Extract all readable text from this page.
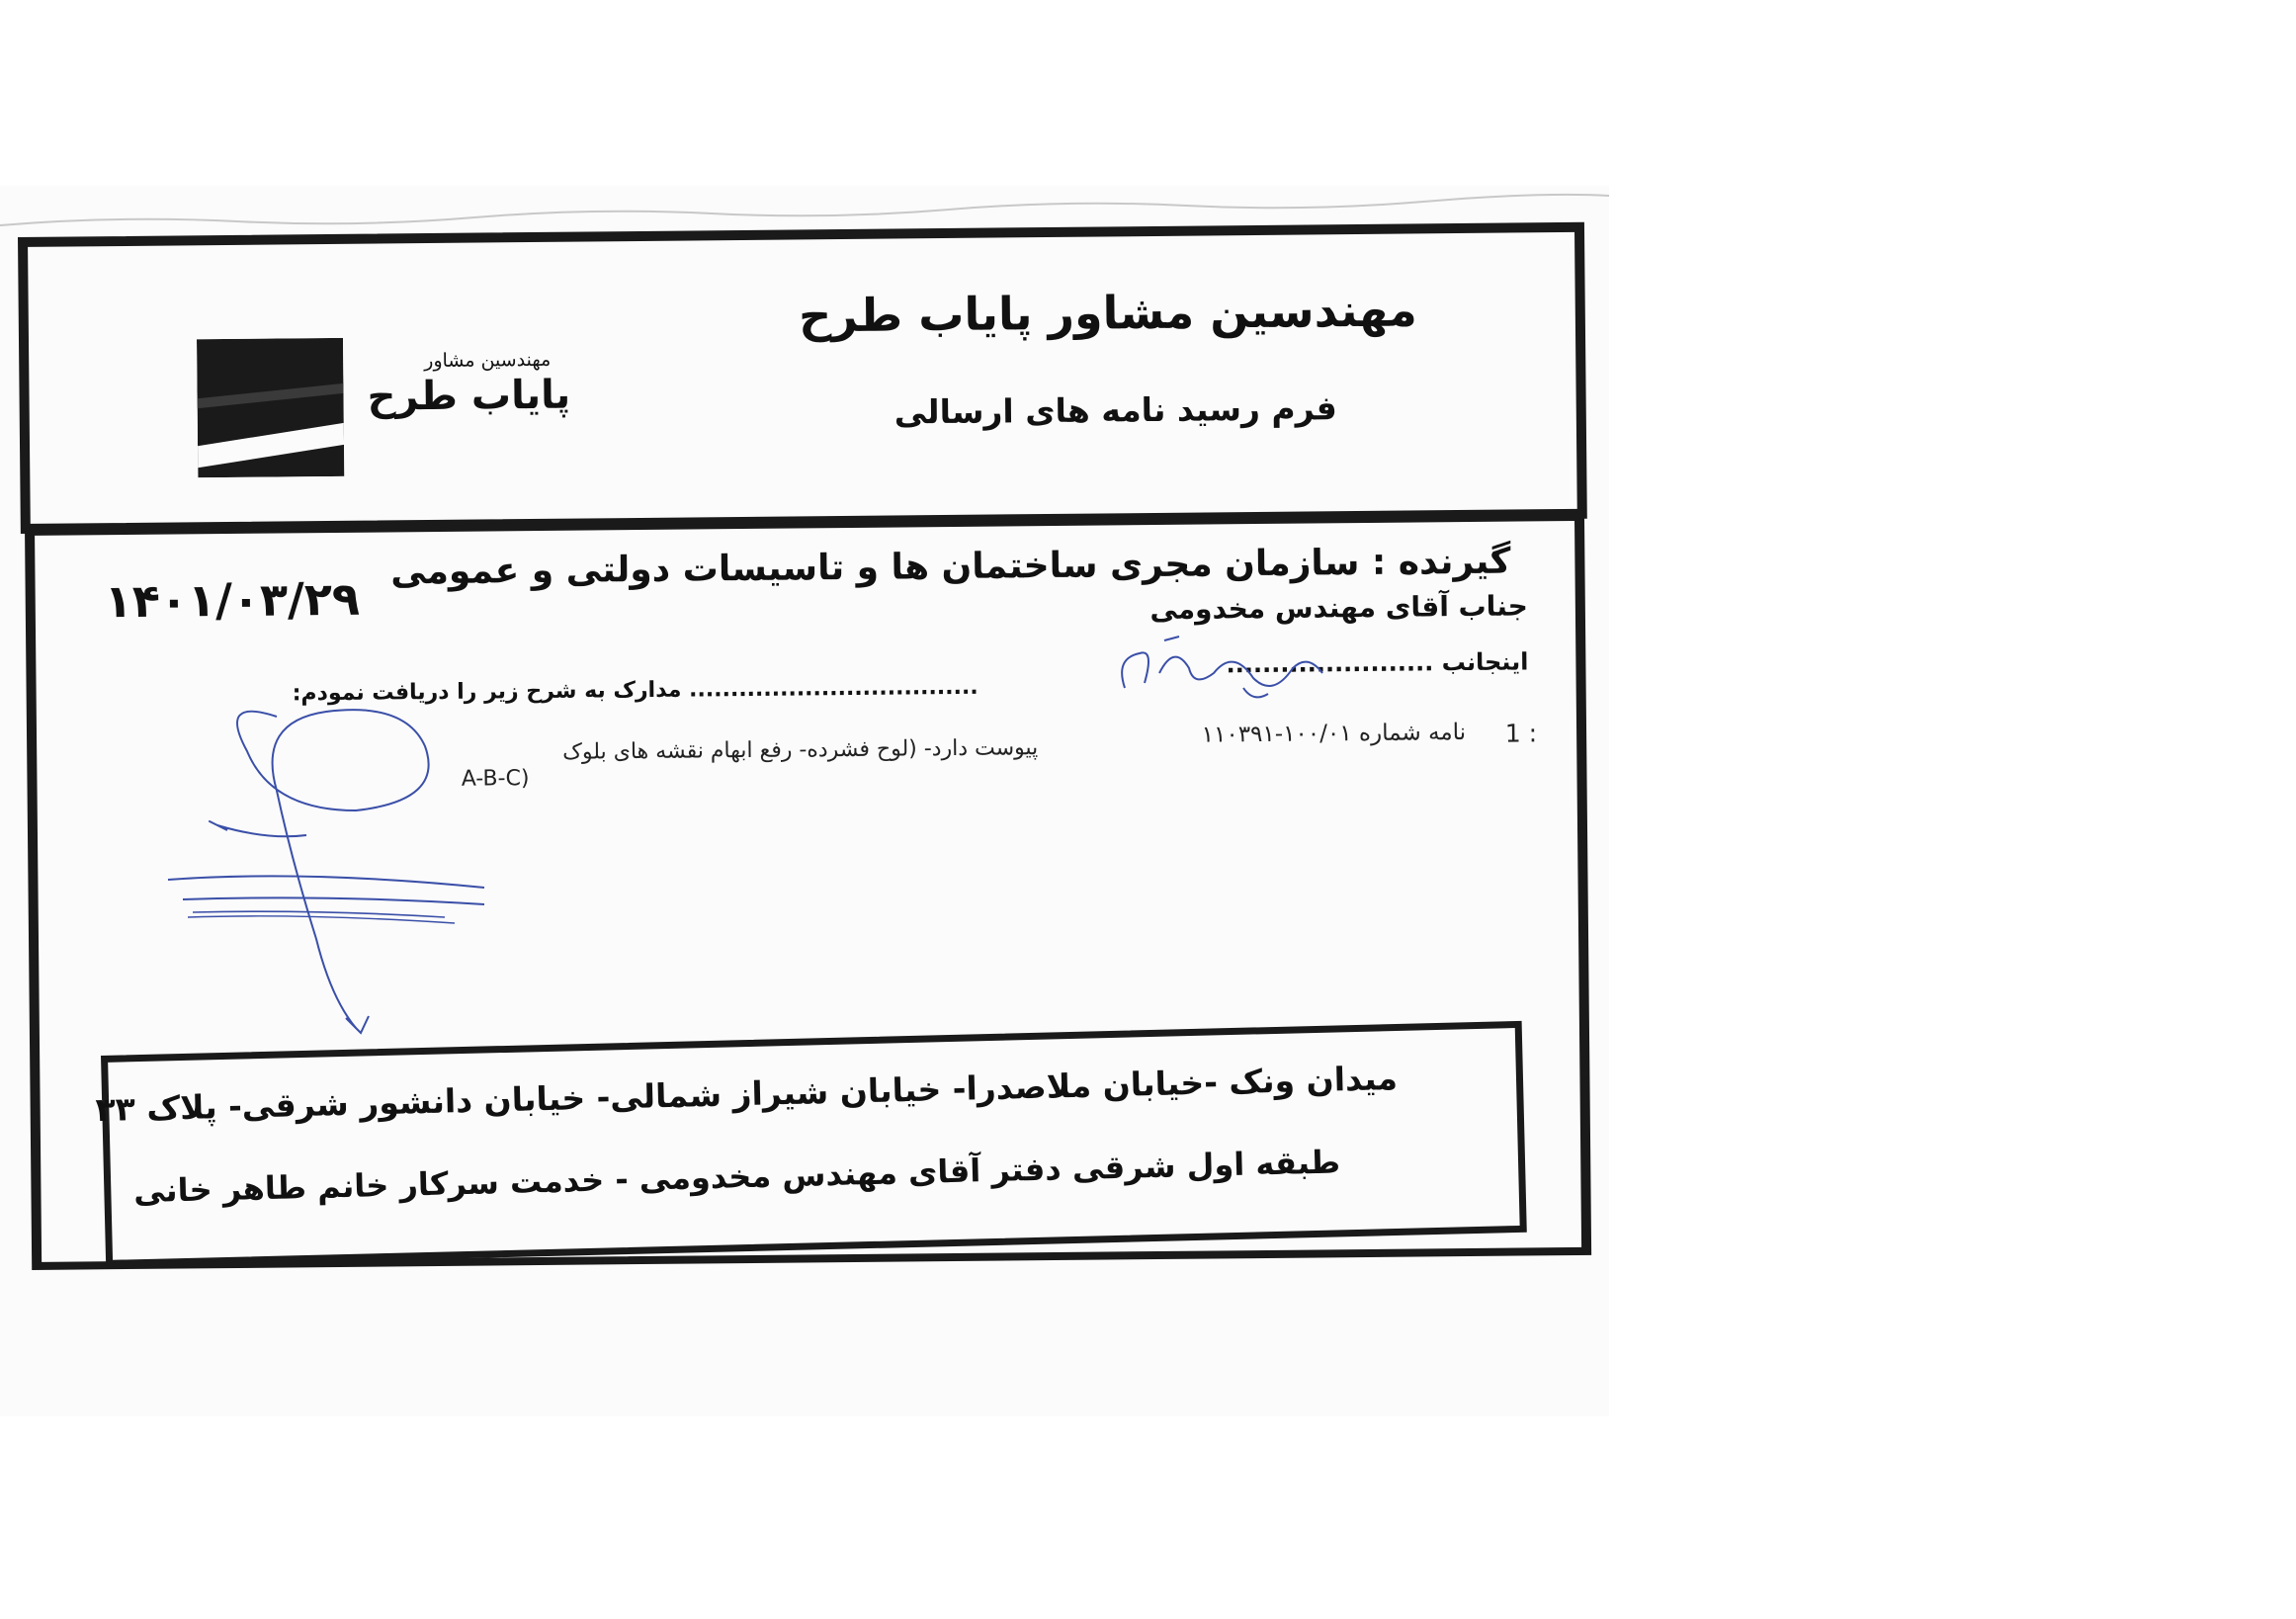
مهندسین مشاور
پایاب طرح
مهندسین مشاور پایاب طرح
فرم رسید نامه های ارسالی
گیرنده : سازمان مجری ساختمان ها و تاسیسات دولتی و عمومی
۱۴۰۱/۰۳/۲۹	جناب آقای مهندس مخدومی
اینجانب .......................
................................... مدارک به شرح زیر را دریافت نمودم:
1 :
نامه شماره ۱۰۰/۰۱-۱۱۰۳۹۱
پیوست دارد- (لوح فشرده- رفع ابهام نقشه های بلوک
(A-B-C
میدان ونک -خیابان ملاصدرا- خیابان شیراز شمالی- خیابان دانشور شرقی- پلاک ۳۳
طبقه اول شرقی دفتر آقای مهندس مخدومی - خدمت سرکار خانم طاهر خانی
